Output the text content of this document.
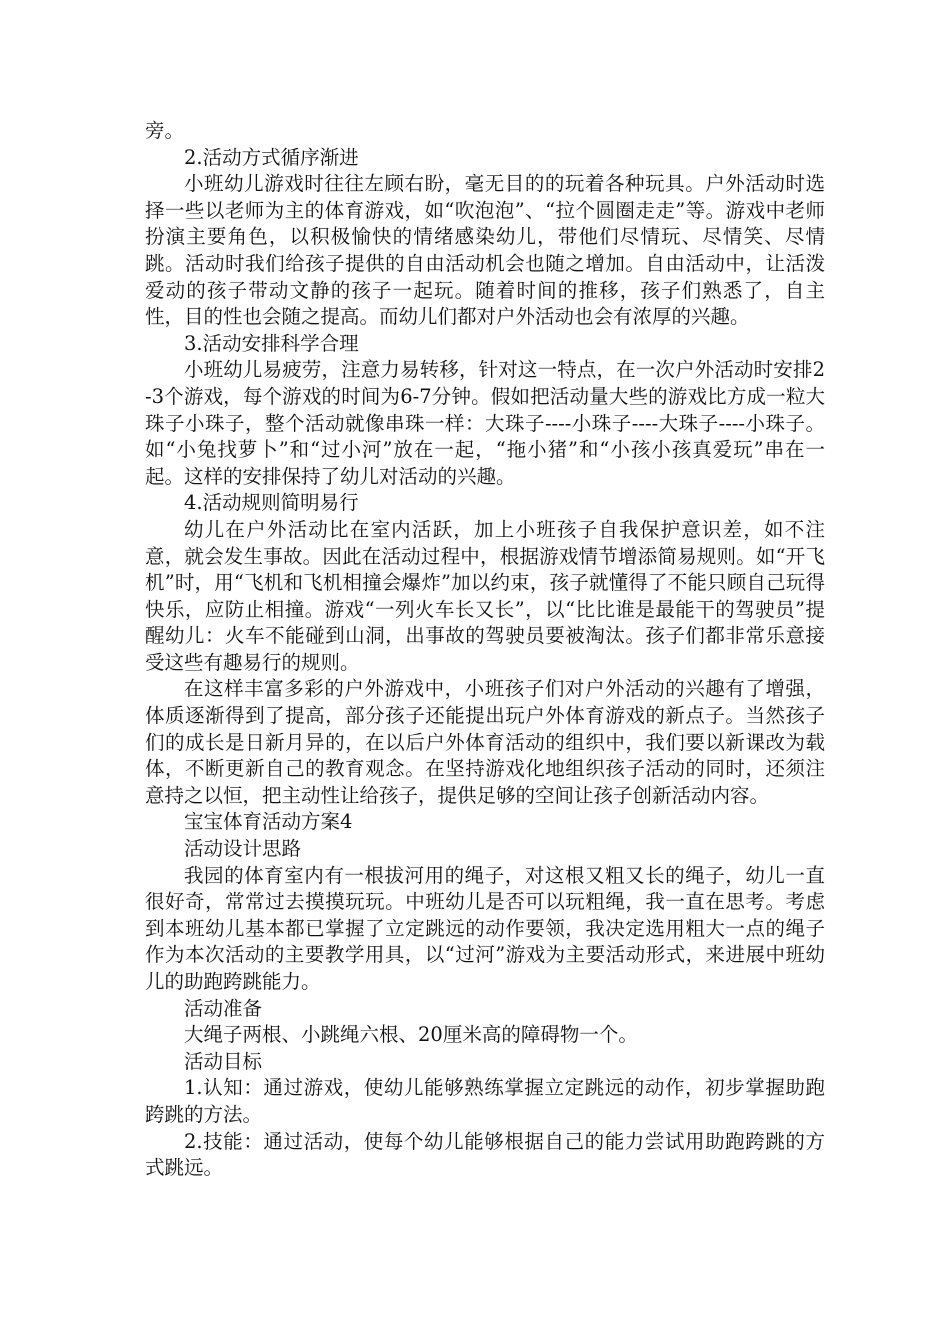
旁。

2.活动方式循序渐进

小班幼儿游戏时往往左顾右盼，毫无目的的玩着各种玩具。户外活动时选择一些以老师为主的体育游戏，如“吹泡泡”、“拉个圆圈走走”等。游戏中老师扮演主要角色，以积极愉快的情绪感染幼儿，带他们尽情玩、尽情笑、尽情跳。活动时我们给孩子提供的自由活动机会也随之增加。自由活动中，让活泼爱动的孩子带动文静的孩子一起玩。随着时间的推移，孩子们熟悉了，自主性，目的性也会随之提高。而幼儿们都对户外活动也会有浓厚的兴趣。

3.活动安排科学合理

小班幼儿易疲劳，注意力易转移，针对这一特点，在一次户外活动时安排2-3个游戏，每个游戏的时间为6-7分钟。假如把活动量大些的游戏比方成一粒大珠子小珠子，整个活动就像串珠一样：大珠子----小珠子----大珠子----小珠子。如“小兔找萝卜”和“过小河”放在一起，“拖小猪”和“小孩小孩真爱玩”串在一起。这样的安排保持了幼儿对活动的兴趣。

4.活动规则简明易行

幼儿在户外活动比在室内活跃，加上小班孩子自我保护意识差，如不注意，就会发生事故。因此在活动过程中，根据游戏情节增添简易规则。如“开飞机”时，用“飞机和飞机相撞会爆炸”加以约束，孩子就懂得了不能只顾自己玩得快乐，应防止相撞。游戏“一列火车长又长”，以“比比谁是最能干的驾驶员”提醒幼儿：火车不能碰到山洞，出事故的驾驶员要被淘汰。孩子们都非常乐意接受这些有趣易行的规则。

在这样丰富多彩的户外游戏中，小班孩子们对户外活动的兴趣有了增强，体质逐渐得到了提高，部分孩子还能提出玩户外体育游戏的新点子。当然孩子们的成长是日新月异的，在以后户外体育活动的组织中，我们要以新课改为载体，不断更新自己的教育观念。在坚持游戏化地组织孩子活动的同时，还须注意持之以恒，把主动性让给孩子，提供足够的空间让孩子创新活动内容。

宝宝体育活动方案4

活动设计思路

我园的体育室内有一根拔河用的绳子，对这根又粗又长的绳子，幼儿一直很好奇，常常过去摸摸玩玩。中班幼儿是否可以玩粗绳，我一直在思考。考虑到本班幼儿基本都已掌握了立定跳远的动作要领，我决定选用粗大一点的绳子作为本次活动的主要教学用具，以“过河”游戏为主要活动形式，来进展中班幼儿的助跑跨跳能力。

活动准备

大绳子两根、小跳绳六根、20厘米高的障碍物一个。

活动目标

1.认知：通过游戏，使幼儿能够熟练掌握立定跳远的动作，初步掌握助跑跨跳的方法。

2.技能：通过活动，使每个幼儿能够根据自己的能力尝试用助跑跨跳的方式跳远。
